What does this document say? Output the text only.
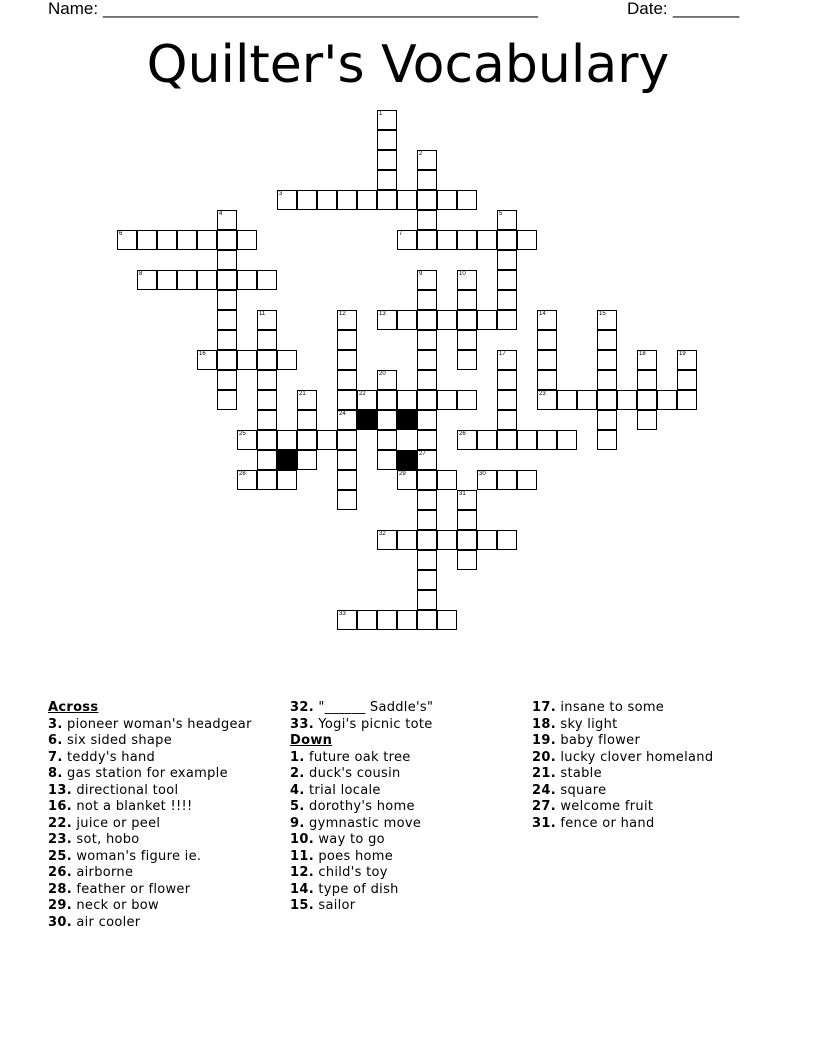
Name: ______________________________________________	Date: _______
Quilter's Vocabulary
1
2
3
4	5
6	7
8	9
27
10
11	12
24
13	14
23
15
16	17	18	19
20
21	22
25	26
28	29	30
31
32
33
Across
3. pioneer woman's headgear
6. six sided shape
7. teddy's hand
8. gas station for example
13. directional tool
16. not a blanket !!!!
22. juice or peel
23. sot, hobo
25. woman's figure ie.
26. airborne
28. feather or flower
29. neck or bow
30. air cooler
32. "______ Saddle's"
33. Yogi's picnic tote
Down
1. future oak tree
2. duck's cousin
4. trial locale
5. dorothy's home
9. gymnastic move
10. way to go
11. poes home
12. child's toy
14. type of dish
15. sailor
17. insane to some
18. sky light
19. baby flower
20. lucky clover homeland
21. stable
24. square
27. welcome fruit
31. fence or hand
